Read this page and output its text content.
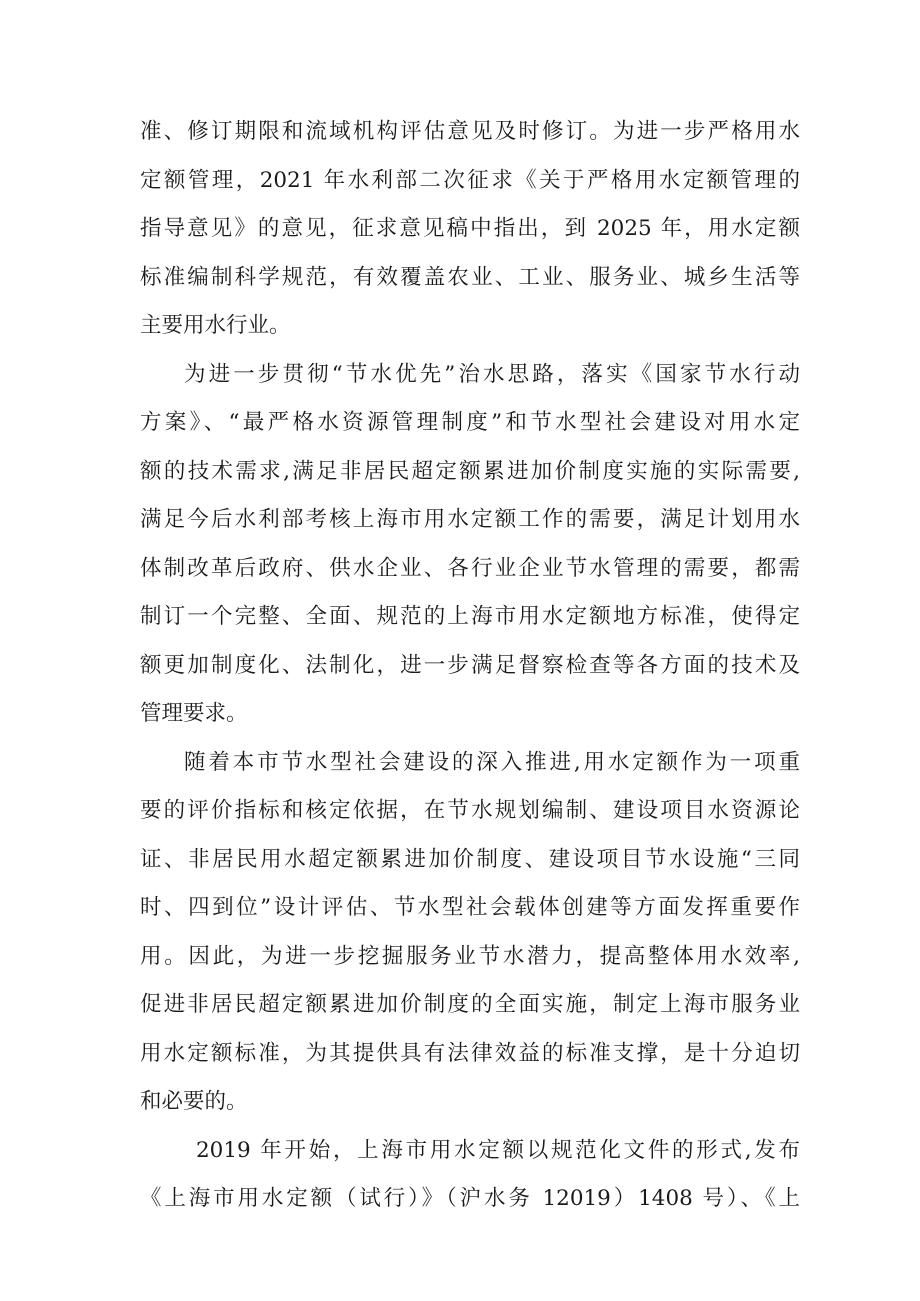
准、修订期限和流域机构评估意见及时修订。为进一步严格用水
定额管理，2021 年水利部二次征求《关于严格用水定额管理的
指导意见》的意见，征求意见稿中指出，到 2025 年，用水定额
标准编制科学规范，有效覆盖农业、工业、服务业、城乡生活等
主要用水行业。
为进一步贯彻“节水优先”治水思路，落实《国家节水行动
方案》、“最严格水资源管理制度”和节水型社会建设对用水定
额的技术需求,满足非居民超定额累进加价制度实施的实际需要,
满足今后水利部考核上海市用水定额工作的需要，满足计划用水
体制改革后政府、供水企业、各行业企业节水管理的需要，都需
制订一个完整、全面、规范的上海市用水定额地方标准，使得定
额更加制度化、法制化，进一步满足督察检查等各方面的技术及
管理要求。
随着本市节水型社会建设的深入推进,用水定额作为一项重
要的评价指标和核定依据，在节水规划编制、建设项目水资源论
证、非居民用水超定额累进加价制度、建设项目节水设施“三同
时、四到位”设计评估、节水型社会载体创建等方面发挥重要作
用。因此，为进一步挖掘服务业节水潜力，提高整体用水效率,
促进非居民超定额累进加价制度的全面实施，制定上海市服务业
用水定额标准，为其提供具有法律效益的标准支撑，是十分迫切
和必要的。
2019 年开始，上海市用水定额以规范化文件的形式,发布
《上海市用水定额（试行）》（沪水务 12019）1408 号）、《上
